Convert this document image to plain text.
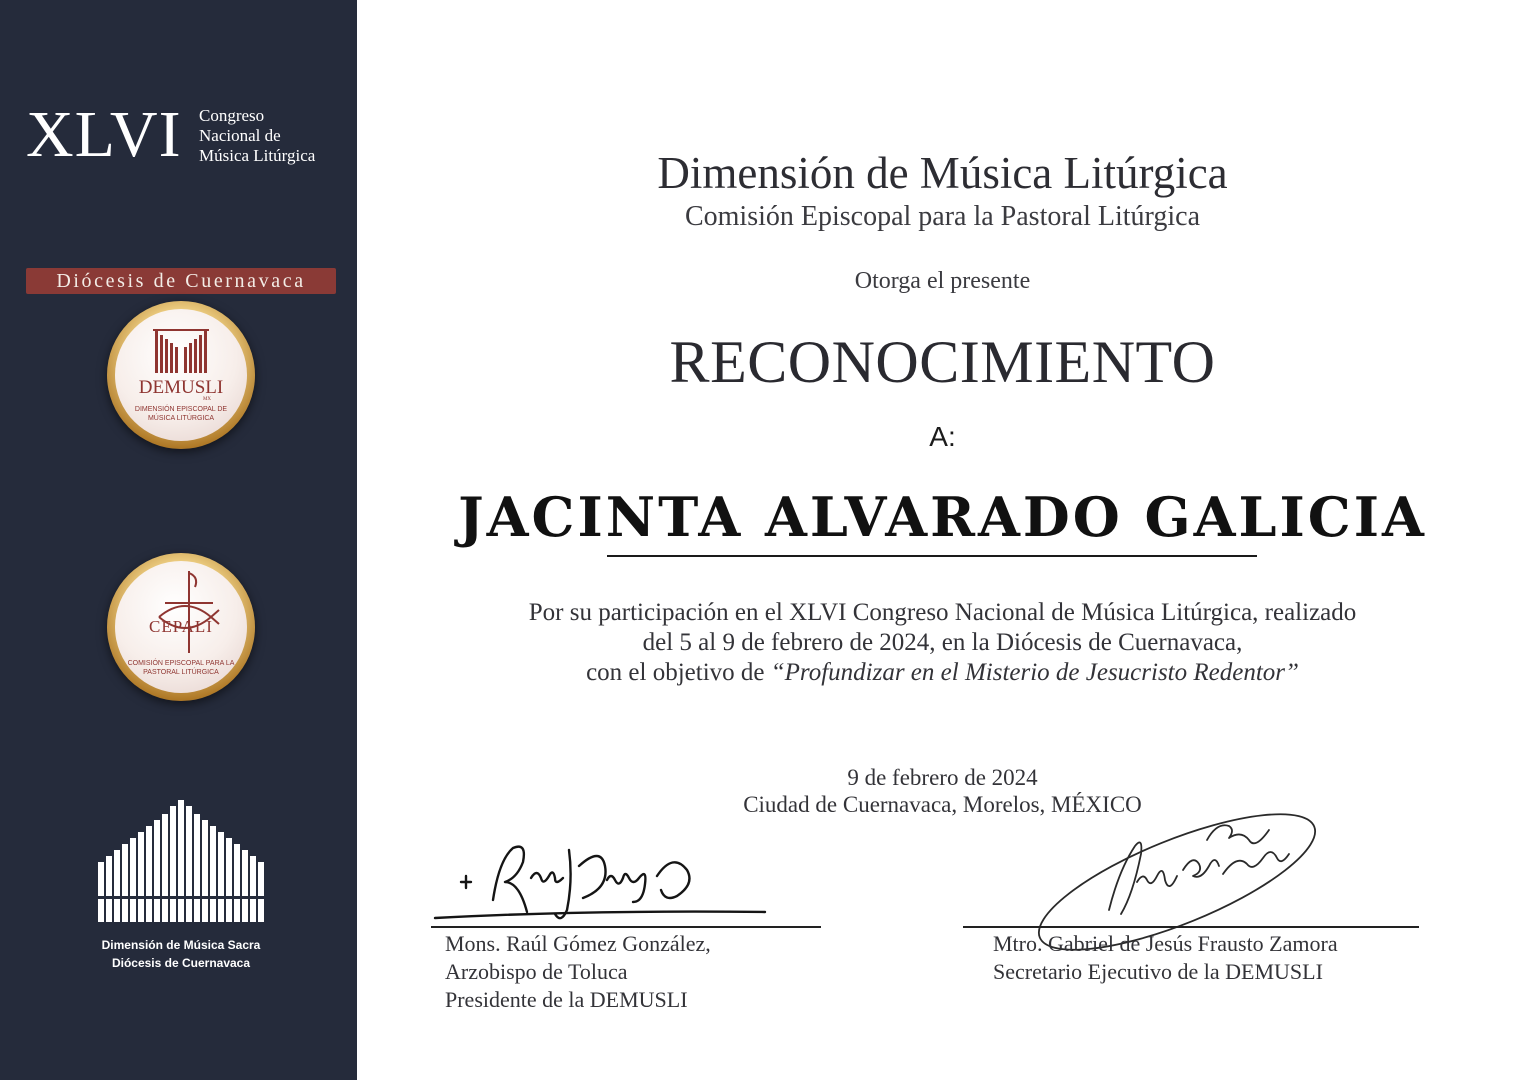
XLVI Congreso
Nacional de
Música Litúrgica
Diócesis de Cuernavaca
DEMUSLI
MX
DIMENSIÓN EPISCOPAL DE
MÚSICA LITÚRGICA
CEPALI
COMISIÓN EPISCOPAL PARA LA
PASTORAL LITÚRGICA
Dimensión de Música Sacra
Diócesis de Cuernavaca
Dimensión de Música Litúrgica
Comisión Episcopal para la Pastoral Litúrgica
Otorga el presente
RECONOCIMIENTO
A:
JACINTA ALVARADO GALICIA
Por su participación en el XLVI Congreso Nacional de Música Litúrgica, realizado
del 5 al 9 de febrero de 2024, en la Diócesis de Cuernavaca,
con el objetivo de “Profundizar en el Misterio de Jesucristo Redentor”
9 de febrero de 2024
Ciudad de Cuernavaca, Morelos, MÉXICO
Mons. Raúl Gómez González,
Arzobispo de Toluca
Presidente de la DEMUSLI
Mtro. Gabriel de Jesús Frausto Zamora
Secretario Ejecutivo de la DEMUSLI
